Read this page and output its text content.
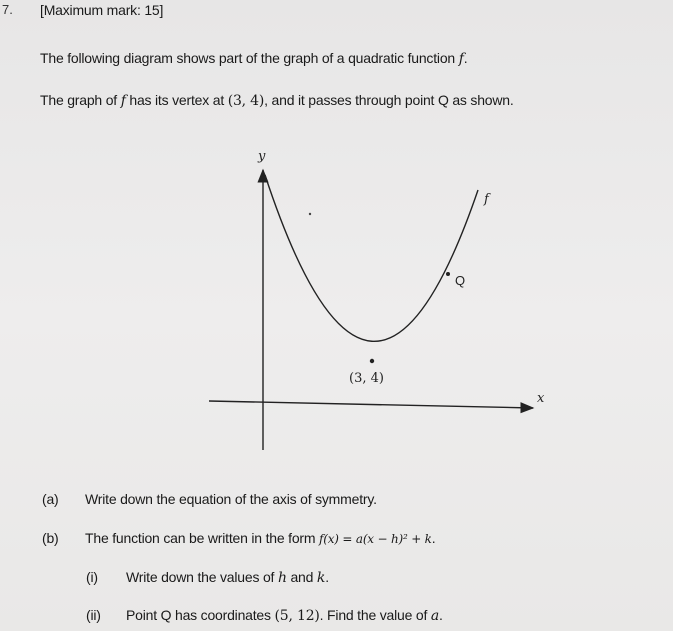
7. [Maximum mark: 15]
The following diagram shows part of the graph of a quadratic function f.
The graph of f has its vertex at (3, 4), and it passes through point Q as shown.
y
x
f
Q
(3, 4)
(a) Write down the equation of the axis of symmetry.
(b) The function can be written in the form f(x) = a(x − h)² + k.
(i) Write down the values of h and k.
(ii) Point Q has coordinates (5, 12). Find the value of a.
